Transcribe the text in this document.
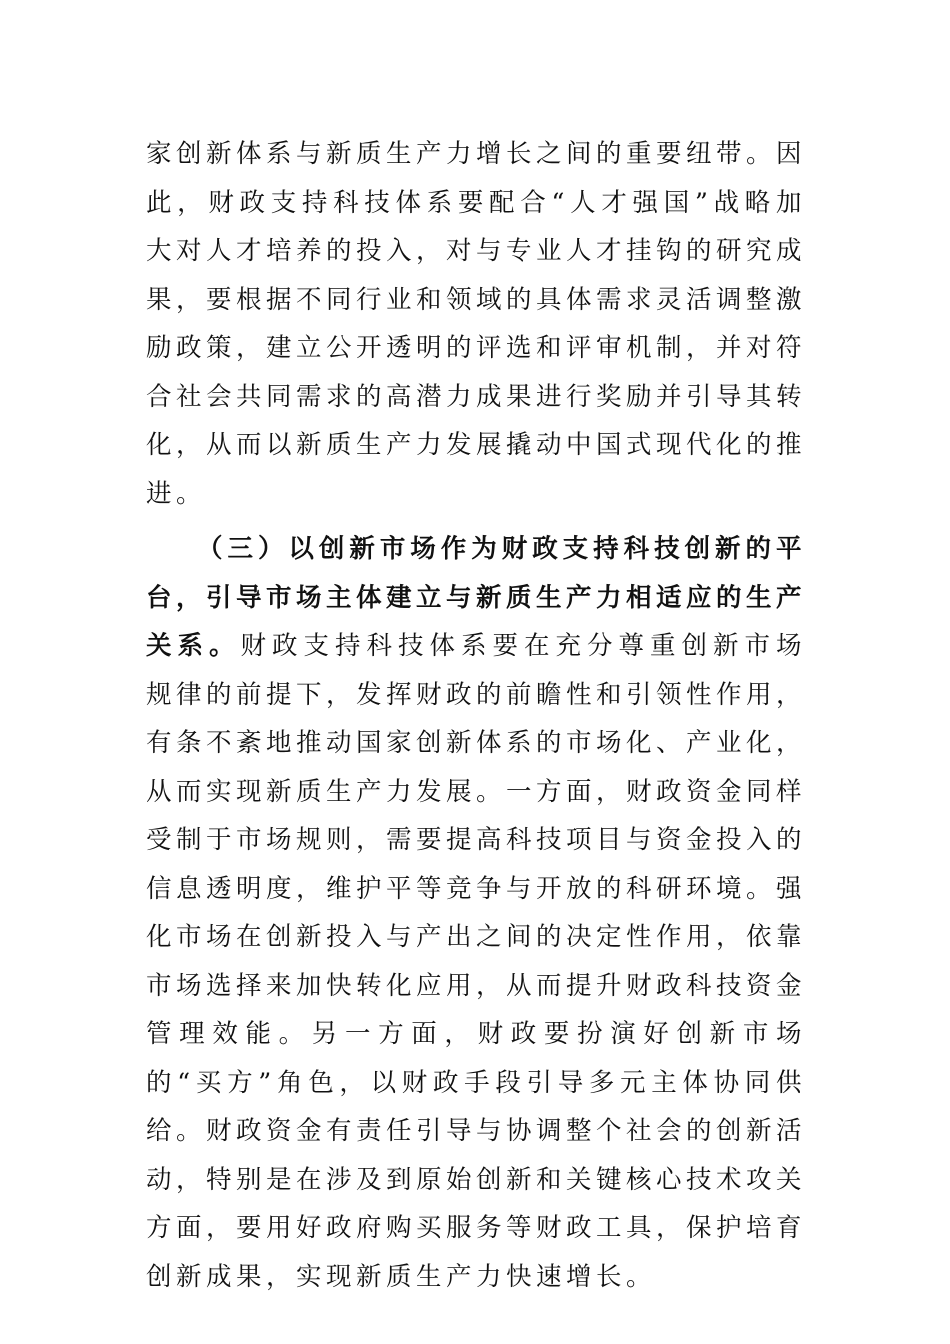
家创新体系与新质生产力增长之间的重要纽带。因此，财政支持科技体系要配合“人才强国”战略加大对人才培养的投入，对与专业人才挂钩的研究成果，要根据不同行业和领域的具体需求灵活调整激励政策，建立公开透明的评选和评审机制，并对符合社会共同需求的高潜力成果进行奖励并引导其转化，从而以新质生产力发展撬动中国式现代化的推进。

（三）以创新市场作为财政支持科技创新的平台，引导市场主体建立与新质生产力相适应的生产关系。财政支持科技体系要在充分尊重创新市场规律的前提下，发挥财政的前瞻性和引领性作用，有条不紊地推动国家创新体系的市场化、产业化，从而实现新质生产力发展。一方面，财政资金同样受制于市场规则，需要提高科技项目与资金投入的信息透明度，维护平等竞争与开放的科研环境。强化市场在创新投入与产出之间的决定性作用，依靠市场选择来加快转化应用，从而提升财政科技资金管理效能。另一方面，财政要扮演好创新市场的“买方”角色，以财政手段引导多元主体协同供给。财政资金有责任引导与协调整个社会的创新活动，特别是在涉及到原始创新和关键核心技术攻关方面，要用好政府购买服务等财政工具，保护培育创新成果，实现新质生产力快速增长。
